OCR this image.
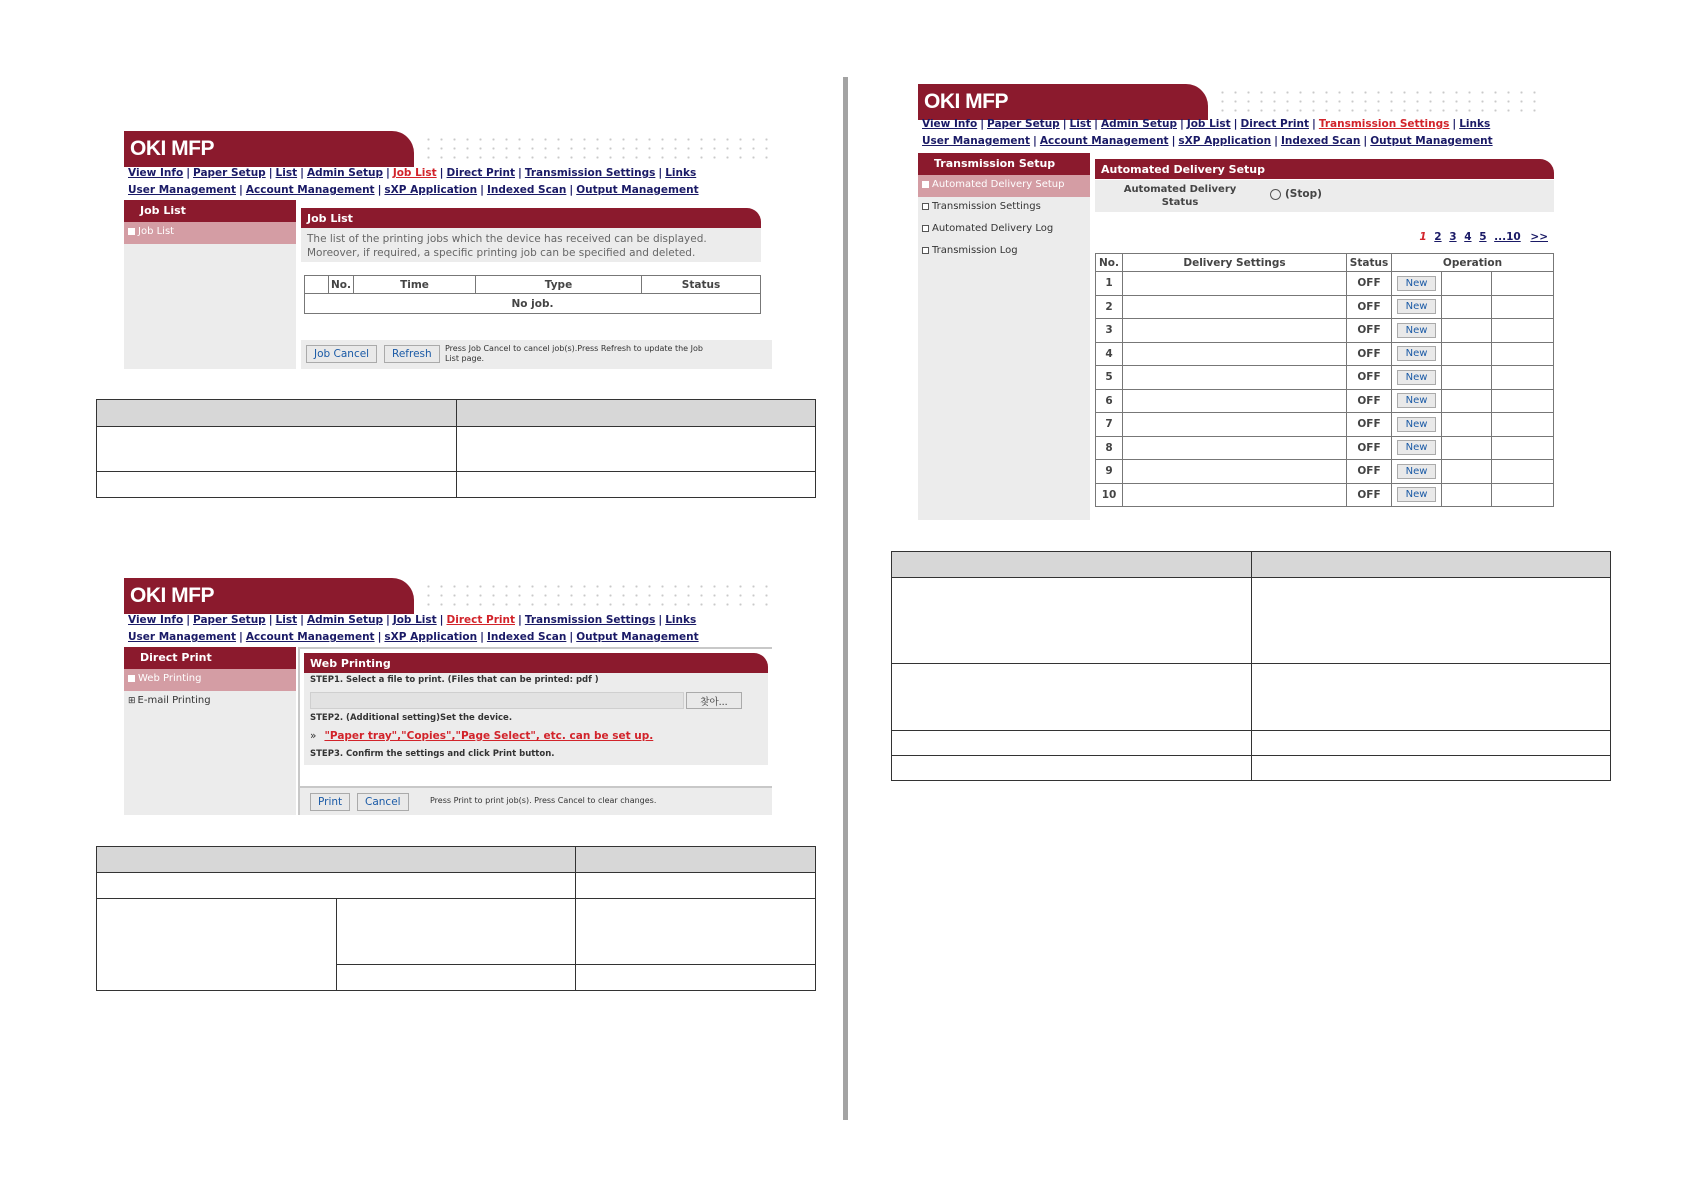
OKI MFP
View Info | Paper Setup | List | Admin Setup | Job List | Direct Print | Transmission Settings | Links
User Management | Account Management | sXP Application | Indexed Scan | Output Management
Job List
Job List
Job List
The list of the printing jobs which the device has received can be displayed.
Moreover, if required, a specific printing job can be specified and deleted.
	No.	Time	Type	Status
No job.
Job Cancel	Refresh	Press Job Cancel to cancel job(s).Press Refresh to update the Job
List page.

OKI MFP
View Info | Paper Setup | List | Admin Setup | Job List | Direct Print | Transmission Settings | Links
User Management | Account Management | sXP Application | Indexed Scan | Output Management
Direct Print
Web Printing
⊞ E-mail Printing
Web Printing
STEP1. Select a file to print. (Files that can be printed: pdf )
찾아...
STEP2. (Additional setting)Set the device.
» "Paper tray","Copies","Page Select", etc. can be set up.
STEP3. Confirm the settings and click Print button.
Print	Cancel	Press Print to print job(s). Press Cancel to clear changes.

OKI MFP
View Info | Paper Setup | List | Admin Setup | Job List | Direct Print | Transmission Settings | Links
User Management | Account Management | sXP Application | Indexed Scan | Output Management
Transmission Setup
Automated Delivery Setup
Transmission Settings
Automated Delivery Log
Transmission Log
Automated Delivery Setup
Automated Delivery
Status
(Stop)
1 2 3 4 5 ...10 >>
No.	Delivery Settings	Status	Operation		
1		OFF	New		
2		OFF	New		
3		OFF	New		
4		OFF	New		
5		OFF	New		
6		OFF	New		
7		OFF	New		
8		OFF	New		
9		OFF	New		
10		OFF	New		
